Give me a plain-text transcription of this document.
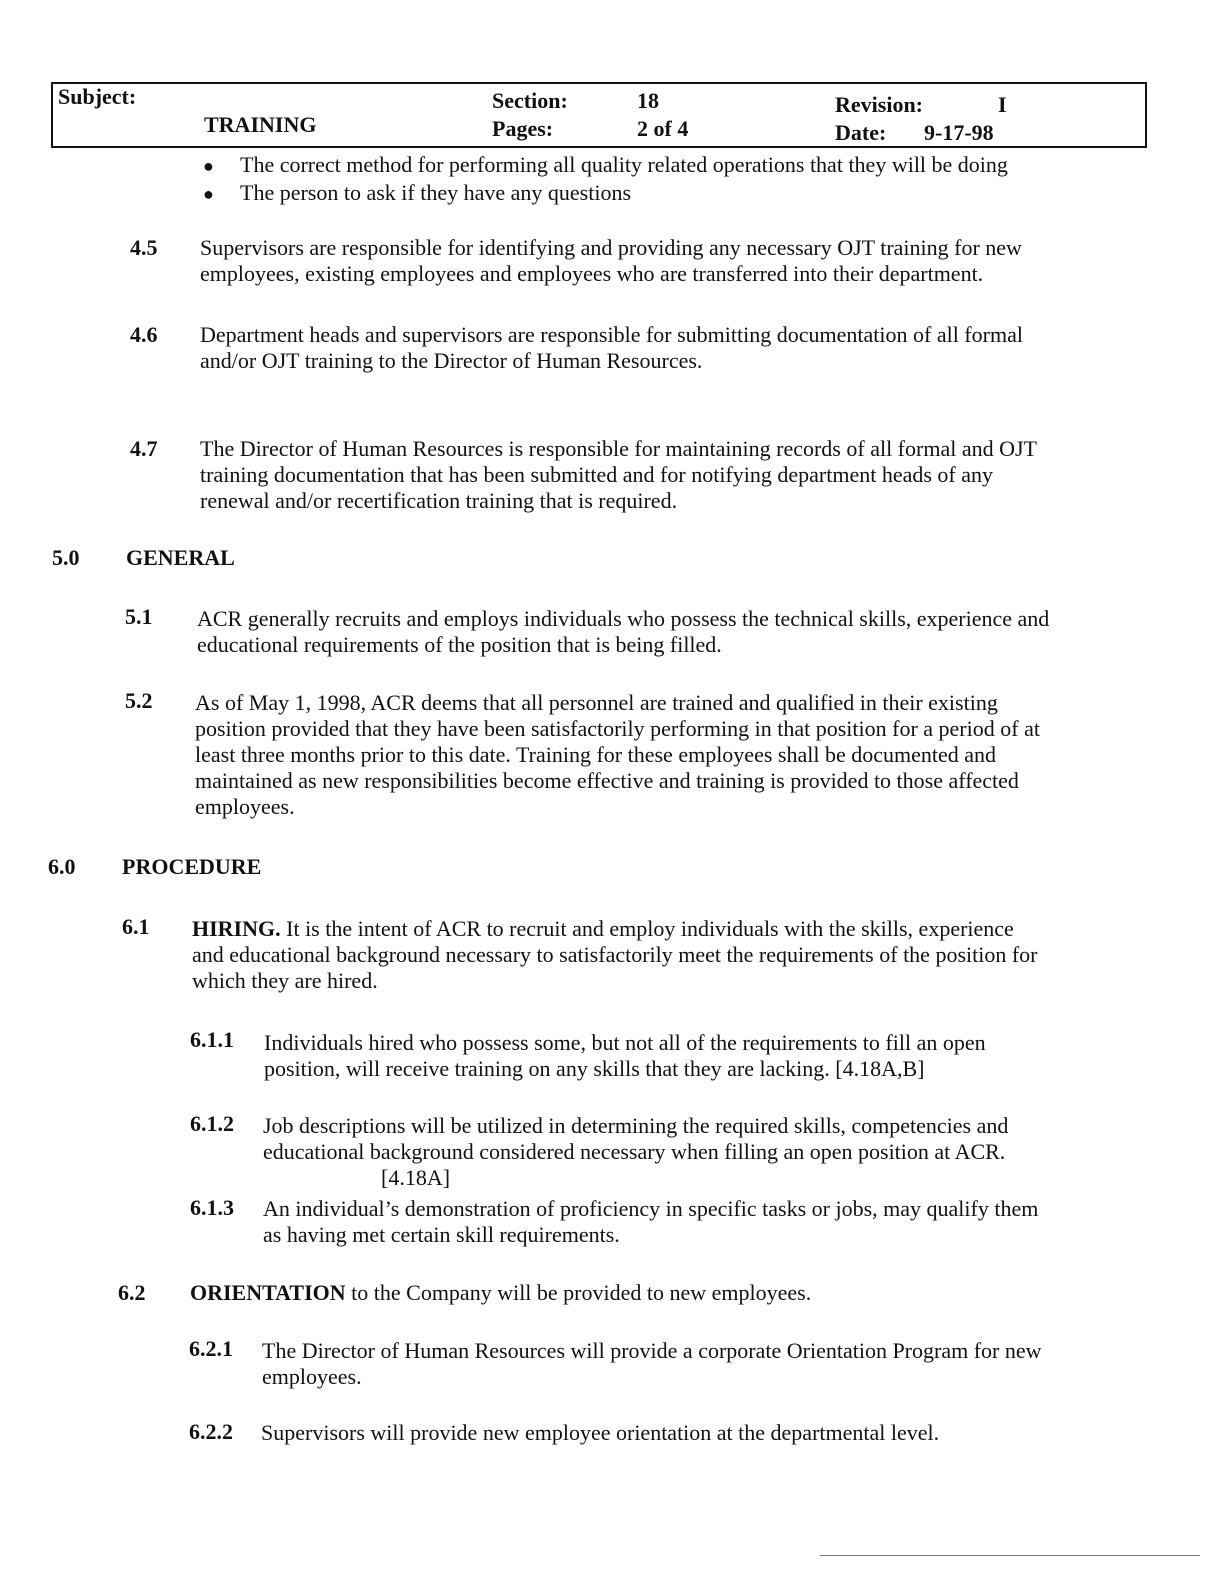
Subject:
TRAINING
Section:	18
Pages:	2 of 4
Revision:	I
Date: 9-17-98
● The correct method for performing all quality related operations that they will be doing
● The person to ask if they have any questions
4.5 Supervisors are responsible for identifying and providing any necessary OJT training for new
employees, existing employees and employees who are transferred into their department.
4.6 Department heads and supervisors are responsible for submitting documentation of all formal
and/or OJT training to the Director of Human Resources.
4.7 The Director of Human Resources is responsible for maintaining records of all formal and OJT
training documentation that has been submitted and for notifying department heads of any
renewal and/or recertification training that is required.
5.0 GENERAL
5.1 ACR generally recruits and employs individuals who possess the technical skills, experience and
educational requirements of the position that is being filled.
5.2 As of May 1, 1998, ACR deems that all personnel are trained and qualified in their existing
position provided that they have been satisfactorily performing in that position for a period of at
least three months prior to this date. Training for these employees shall be documented and
maintained as new responsibilities become effective and training is provided to those affected
employees.
6.0 PROCEDURE
6.1 HIRING. It is the intent of ACR to recruit and employ individuals with the skills, experience
and educational background necessary to satisfactorily meet the requirements of the position for
which they are hired.
6.1.1 Individuals hired who possess some, but not all of the requirements to fill an open
position, will receive training on any skills that they are lacking. [4.18A,B]
6.1.2 Job descriptions will be utilized in determining the required skills, competencies and
educational background considered necessary when filling an open position at ACR.
[4.18A]
6.1.3 An individual’s demonstration of proficiency in specific tasks or jobs, may qualify them
as having met certain skill requirements.
6.2 ORIENTATION to the Company will be provided to new employees.
6.2.1 The Director of Human Resources will provide a corporate Orientation Program for new
employees.
6.2.2 Supervisors will provide new employee orientation at the departmental level.
